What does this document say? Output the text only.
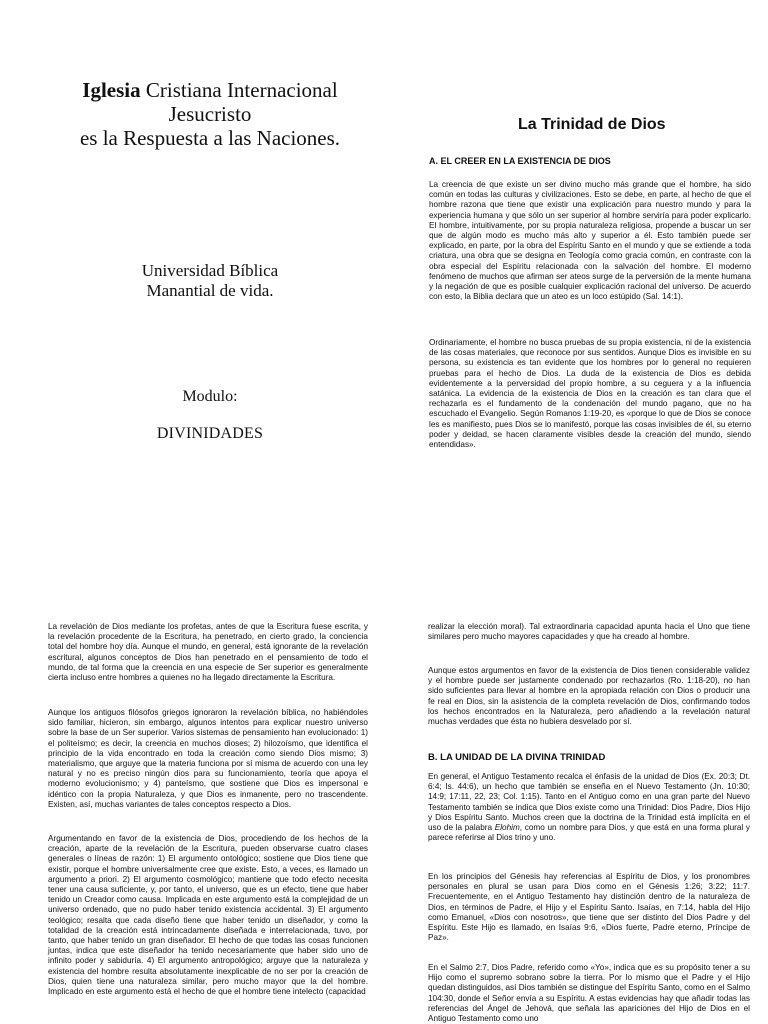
Iglesia Cristiana Internacional
Jesucristo
es la Respuesta a las Naciones.
Universidad Bíblica
Manantial de vida.
Modulo:
DIVINIDADES
La Trinidad de Dios
A. EL CREER EN LA EXISTENCIA DE DIOS

La creencia de que existe un ser divino mucho más grande que el hombre, ha sido común en todas las culturas y civilizaciones. Esto se debe, en parte, al hecho de que el hombre razona que tiene que existir una explicación para nuestro mundo y para la experiencia humana y que sólo un ser superior al hombre serviría para poder explicarlo. El hombre, intuitivamente, por su propia naturaleza religiosa, propende a buscar un ser que de algún modo es mucho más alto y superior a él. Esto también puede ser explicado, en parte, por la obra del Espíritu Santo en el mundo y que se extiende a toda criatura, una obra que se designa en Teología como gracia común, en contraste con la obra especial del Espíritu relacionada con la salvación del hombre. El moderno fenómeno de muchos que afirman ser ateos surge de la perversión de la mente humana y la negación de que es posible cualquier explicación racional del universo. De acuerdo con esto, la Biblia declara que un ateo es un loco estúpido (Sal. 14:1).

Ordinariamente, el hombre no busca pruebas de su propia existencia, ni de la existencia de las cosas materiales, que reconoce por sus sentidos. Aunque Dios es invisible en su persona, su existencia es tan evidente que los hombres por lo general no requieren pruebas para el hecho de Dios. La duda de la existencia de Dios es debida evidentemente a la perversidad del propio hombre, a su ceguera y a la influencia satánica. La evidencia de la existencia de Dios en la creación es tan clara que el rechazarla es el fundamento de la condenación del mundo pagano, que no ha escuchado el Evangelio. Según Romanos 1:19-20, es «porque lo que de Dios se conoce les es manifiesto, pues Dios se lo manifestó, porque las cosas invisibles de él, su eterno poder y deidad, se hacen claramente visibles desde la creación del mundo, siendo entendidas».

La revelación de Dios mediante los profetas, antes de que la Escritura fuese escrita, y la revelación procedente de la Escritura, ha penetrado, en cierto grado, la conciencia total del hombre hoy día. Aunque el mundo, en general, está ignorante de la revelación escritural, algunos conceptos de Dios han penetrado en el pensamiento de todo el mundo, de tal forma que la creencia en una especie de Ser superior es generalmente cierta incluso entre hombres a quienes no ha llegado directamente la Escritura.

Aunque los antiguos filósofos griegos ignoraron la revelación bíblica, no habiéndoles sido familiar, hicieron, sin embargo, algunos intentos para explicar nuestro universo sobre la base de un Ser superior. Varios sistemas de pensamiento han evolucionado: 1) el politeísmo; es decir, la creencia en muchos dioses; 2) hilozoísmo, que identifica el principio de la vida encontrado en toda la creación como siendo Dios mismo; 3) materialismo, que arguye que la materia funciona por sí misma de acuerdo con una ley natural y no es preciso ningún dios para su funcionamiento, teoría que apoya el moderno evolucionismo; y 4) panteísmo, que sostiene que Dios es impersonal e idéntico con la propia Naturaleza, y que Dios es inmanente, pero no trascendente. Existen, así, muchas variantes de tales conceptos respecto a Dios.

Argumentando en favor de la existencia de Dios, procediendo de los hechos de la creación, aparte de la revelación de la Escritura, pueden observarse cuatro clases generales o líneas de razón: 1) El argumento ontológico; sostiene que Dios tiene que existir, porque el hombre universalmente cree que existe. Esto, a veces, es llamado un argumento a priori. 2) El argumento cosmológico; mantiene que todo efecto necesita tener una causa suficiente, y, por tanto, el universo, que es un efecto, tiene que haber tenido un Creador como causa. Implicada en este argumento está la complejidad de un universo ordenado, que no pudo haber tenido existencia accidental. 3) El argumento teológico; resalta que cada diseño tiene que haber tenido un diseñador, y como la totalidad de la creación está intrincadamente diseñada e interrelacionada, tuvo, por tanto, que haber tenido un gran diseñador. El hecho de que todas las cosas funcionen juntas, indica que este diseñador ha tenido necesariamente que haber sido uno de infinito poder y sabiduría. 4) El argumento antropológico; arguye que la naturaleza y existencia del hombre resulta absolutamente inexplicable de no ser por la creación de Dios, quien tiene una naturaleza similar, pero mucho mayor que la del hombre. Implicado en este argumento está el hecho de que el hombre tiene intelecto (capacidad

realizar la elección moral). Tal extraordinaria capacidad apunta hacia el Uno que tiene similares pero mucho mayores capacidades y que ha creado al hombre.

Aunque estos argumentos en favor de la existencia de Dios tienen considerable validez y el hombre puede ser justamente condenado por rechazarlos (Ro. 1:18-20), no han sido suficientes para llevar al hombre en la apropiada relación con Dios o producir una fe real en Dios, sin la asistencia de la completa revelación de Dios, confirmando todos los hechos encontrados en la Naturaleza, pero añadiendo a la revelación natural muchas verdades que ésta no hubiera desvelado por sí.

B. LA UNIDAD DE LA DIVINA TRINIDAD

En general, el Antiguo Testamento recalca el énfasis de la unidad de Dios (Ex. 20:3; Dt. 6:4; Is. 44:6), un hecho que también se enseña en el Nuevo Testamento (Jn. 10:30; 14:9; 17:11, 22, 23; Col. 1:15). Tanto en el Antiguo como en una gran parte del Nuevo Testamento también se indica que Dios existe como una Trinidad: Dios Padre, Dios Hijo y Dios Espíritu Santo. Muchos creen que la doctrina de la Trinidad está implícita en el uso de la palabra Elohim, como un nombre para Dios, y que está en una forma plural y parece referirse al Dios trino y uno.

En los principios del Génesis hay referencias al Espíritu de Dios, y los pronombres personales en plural se usan para Dios como en el Génesis 1:26; 3:22; 11:7. Frecuentemente, en el Antiguo Testamento hay distinción dentro de la naturaleza de Dios, en términos de Padre, el Hijo y el Espíritu Santo. Isaías, en 7:14, habla del Hijo como Emanuel, «Dios con nosotros», que tiene que ser distinto del Dios Padre y del Espíritu. Este Hijo es llamado, en Isaías 9:6, «Dios fuerte, Padre eterno, Príncipe de Paz».

En el Salmo 2:7, Dios Padre, referido como «Yo», indica que es su propósito tener a su Hijo como el supremo sobrano sobre la tierra. Por lo mismo que el Padre y el Hijo quedan distinguidos, así Dios también se distingue del Espíritu Santo, como en el Salmo 104:30, donde el Señor envía a su Espíritu. A estas evidencias hay que añadir todas las referencias del Ángel de Jehová, que señala las apariciones del Hijo de Dios en el Antiguo Testamento como uno
